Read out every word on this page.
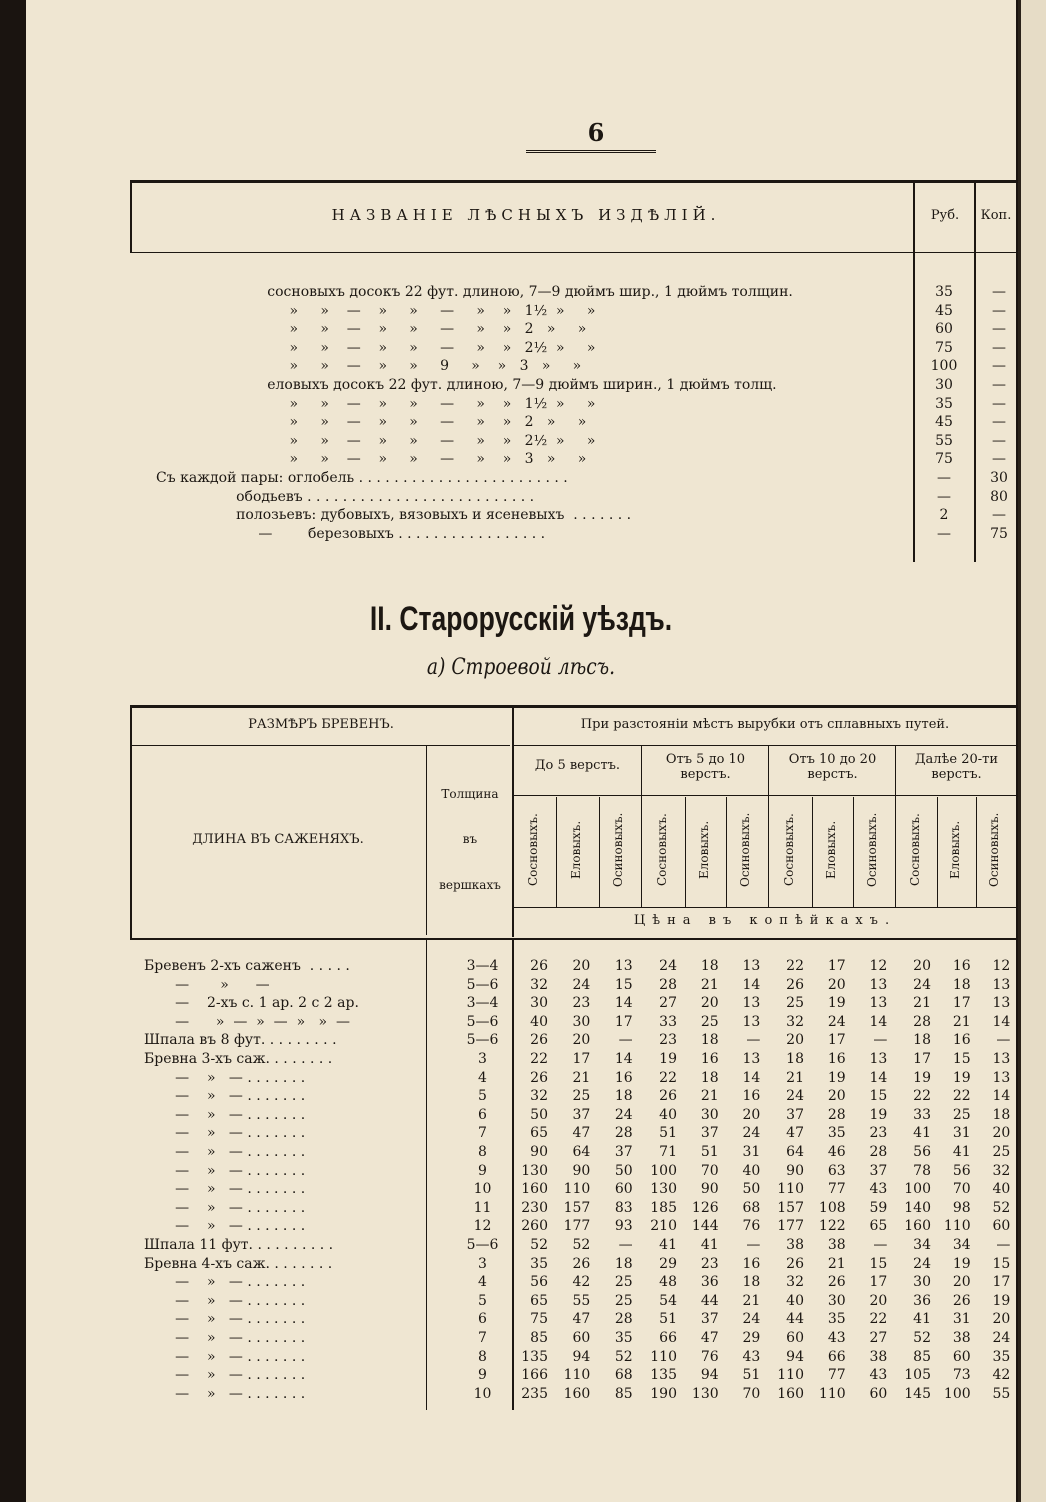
6
НАЗВАНІЕ ЛѢСНЫХЪ ИЗДѢЛІЙ.	Руб.	Коп.
сосновыхъ досокъ 22 фут. длиною, 7—9 дюймъ шир., 1 дюймъ толщин.	35	—
»     »    —    »     »     —     »    »   1½  »     »	45	—
»     »    —    »     »     —     »    »   2   »     »	60	—
»     »    —    »     »     —     »    »   2½  »     »	75	—
»     »    —    »     »     9     »    »   3   »     »	100	—
еловыхъ досокъ 22 фут. длиною, 7—9 дюймъ ширин., 1 дюймъ толщ.	30	—
»     »    —    »     »     —     »    »   1½  »     »	35	—
»     »    —    »     »     —     »    »   2   »     »	45	—
»     »    —    »     »     —     »    »   2½  »     »	55	—
»     »    —    »     »     —     »    »   3   »     »	75	—
Съ каждой пары: оглобель . . . . . . . . . . . . . . . . . . . . . . . .	—	30
ободьевъ . . . . . . . . . . . . . . . . . . . . . . . . . .	—	80
полозьевъ: дубовыхъ, вязовыхъ и ясеневыхъ  . . . . . . .	2	—
—        березовыхъ . . . . . . . . . . . . . . . . .	—	75
II. Старорусскій уѣздъ.
а) Строевой лѣсъ.
РАЗМѢРЪ БРЕВЕНЪ.
ДЛИНА ВЪ САЖЕНЯХЪ.
Толщина
въ
вершкахъ
При разстояніи мѣстъ вырубки отъ сплавныхъ путей.
До 5 верстъ.	Отъ 5 до 10 верстъ.
Отъ 10 до 20 верстъ.
Далѣе 20-ти верстъ.
Сосновыхъ.	Еловыхъ.	Осиновыхъ.	Сосновыхъ.	Еловыхъ.	Осиновыхъ.	Сосновыхъ.	Еловыхъ.	Осиновыхъ.	Сосновыхъ.	Еловыхъ.	Осиновыхъ.
Цѣна въ копѣйкахъ.
Бревенъ 2-хъ саженъ  . . . . .	3—4	26	20	13	24	18	13	22	17	12	20	16	12
—       »      —	5—6	32	24	15	28	21	14	26	20	13	24	18	13
—    2-хъ с. 1 ар. 2 с 2 ар.	3—4	30	23	14	27	20	13	25	19	13	21	17	13
—      »  —  »  —  »   »  —	5—6	40	30	17	33	25	13	32	24	14	28	21	14
Шпала въ 8 фут. . . . . . . . .	5—6	26	20	—	23	18	—	20	17	—	18	16	—
Бревна 3-хъ саж. . . . . . . .	3	22	17	14	19	16	13	18	16	13	17	15	13
—    »   — . . . . . . .	4	26	21	16	22	18	14	21	19	14	19	19	13
—    »   — . . . . . . .	5	32	25	18	26	21	16	24	20	15	22	22	14
—    »   — . . . . . . .	6	50	37	24	40	30	20	37	28	19	33	25	18
—    »   — . . . . . . .	7	65	47	28	51	37	24	47	35	23	41	31	20
—    »   — . . . . . . .	8	90	64	37	71	51	31	64	46	28	56	41	25
—    »   — . . . . . . .	9	130	90	50	100	70	40	90	63	37	78	56	32
—    »   — . . . . . . .	10	160	110	60	130	90	50	110	77	43	100	70	40
—    »   — . . . . . . .	11	230	157	83	185	126	68	157	108	59	140	98	52
—    »   — . . . . . . .	12	260	177	93	210	144	76	177	122	65	160 110	60
Шпала 11 фут. . . . . . . . . .	5—6	52	52	—	41	41	—	38	38	—	34	34	—
Бревна 4-хъ саж. . . . . . . .	3	35	26	18	29	23	16	26	21	15	24	19	15
—    »   — . . . . . . .	4	56	42	25	48	36	18	32	26	17	30	20	17
—    »   — . . . . . . .	5	65	55	25	54	44	21	40	30	20	36	26	19
—    »   — . . . . . . .	6	75	47	28	51	37	24	44	35	22	41	31	20
—    »   — . . . . . . .	7	85	60	35	66	47	29	60	43	27	52	38	24
—    »   — . . . . . . .	8	135	94	52	110	76	43	94	66	38	85	60	35
—    »   — . . . . . . .	9	166	110	68	135	94	51	110	77	43	105	73	42
—    »   — . . . . . . .	10	235	160	85	190	130	70	160	110	60	145 100	55
